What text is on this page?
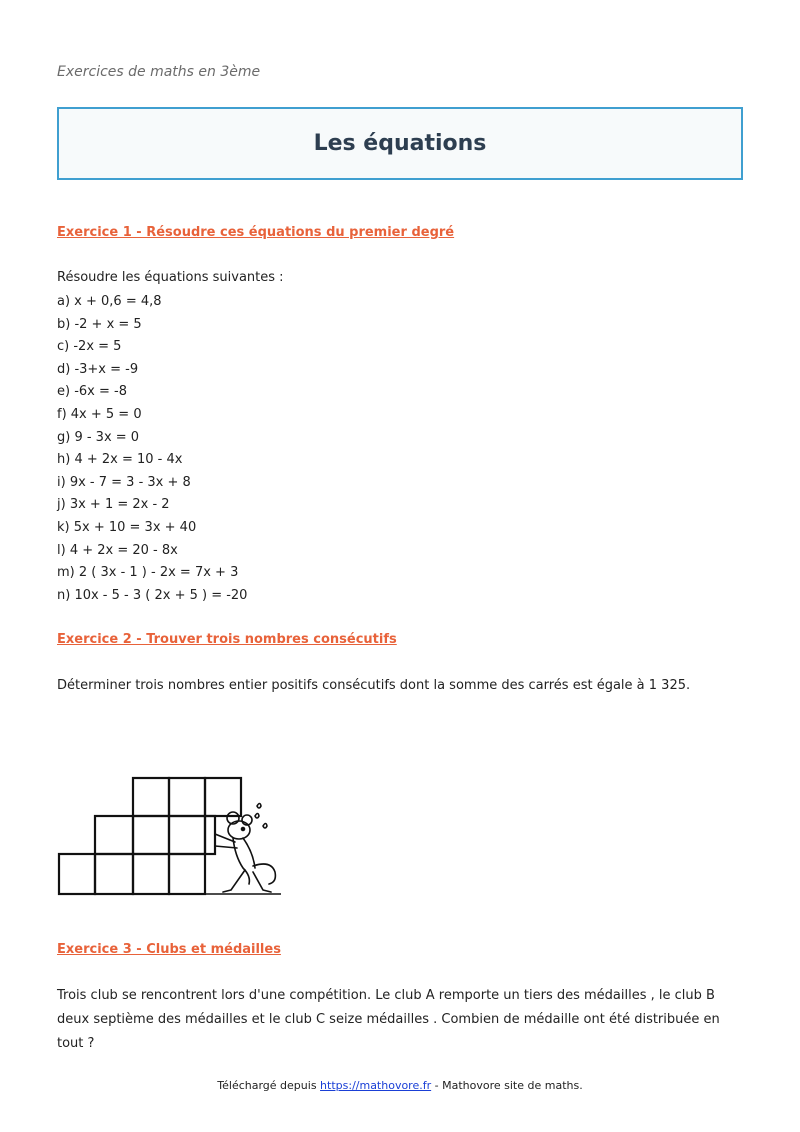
Exercices de maths en 3ème
Les équations
Exercice 1 - Résoudre ces équations du premier degré
Résoudre les équations suivantes :
a) x + 0,6 = 4,8
b) -2 + x = 5
c) -2x = 5
d) -3+x = -9
e) -6x = -8
f) 4x + 5 = 0
g) 9 - 3x = 0
h) 4 + 2x = 10 - 4x
i) 9x - 7 = 3 - 3x + 8
j) 3x + 1 = 2x - 2
k) 5x + 10 = 3x + 40
l) 4 + 2x = 20 - 8x
m) 2 ( 3x - 1 ) - 2x = 7x + 3
n) 10x - 5 - 3 ( 2x + 5 ) = -20
Exercice 2 - Trouver trois nombres consécutifs
Déterminer trois nombres entier positifs consécutifs dont la somme des carrés est égale à 1 325.
Exercice 3 - Clubs et médailles
Trois club se rencontrent lors d'une compétition. Le club A remporte un tiers des médailles , le club B deux septième des médailles et le club C seize médailles . Combien de médaille ont été distribuée en tout ?
Téléchargé depuis https://mathovore.fr - Mathovore site de maths.
